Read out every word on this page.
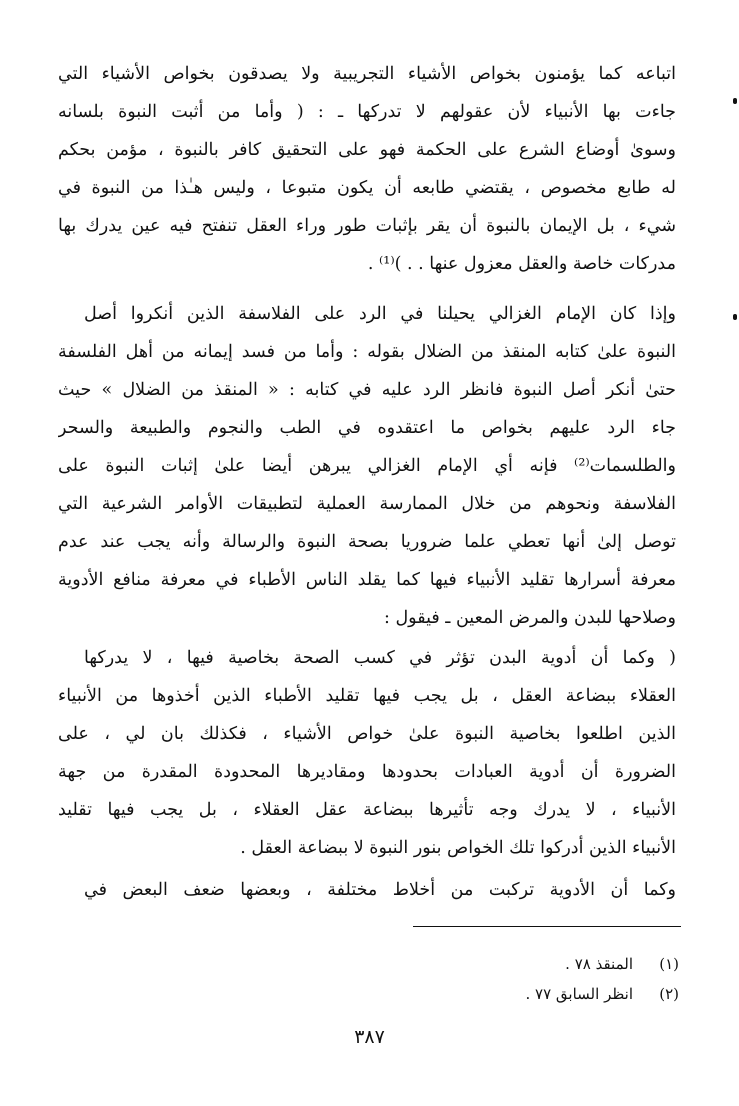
اتباعه كما يؤمنون بخواص الأشياء التجريبية ولا يصدقون بخواص الأشياء التي
جاءت بها الأنبياء لأن عقولهم لا تدركها ـ : ( وأما من أثبت النبوة بلسانه
وسوىٰ أوضاع الشرع على الحكمة فهو على التحقيق كافر بالنبوة ، مؤمن بحكم
له طابع مخصوص ، يقتضي طابعه أن يكون متبوعا ، وليس هـٰذا من النبوة في
شيء ، بل الإيمان بالنبوة أن يقر بإثبات طور وراء العقل تنفتح فيه عين يدرك بها
مدركات خاصة والعقل معزول عنها . . )⁽¹⁾ .
وإذا كان الإمام الغزالي يحيلنا في الرد على الفلاسفة الذين أنكروا أصل
النبوة علىٰ كتابه المنقذ من الضلال بقوله : وأما من فسد إيمانه من أهل الفلسفة
حتىٰ أنكر أصل النبوة فانظر الرد عليه في كتابه : « المنقذ من الضلال » حيث
جاء الرد عليهم بخواص ما اعتقدوه في الطب والنجوم والطبيعة والسحر
والطلسمات⁽²⁾ فإنه أي الإمام الغزالي يبرهن أيضا علىٰ إثبات النبوة على
الفلاسفة ونحوهم من خلال الممارسة العملية لتطبيقات الأوامر الشرعية التي
توصل إلىٰ أنها تعطي علما ضروريا بصحة النبوة والرسالة وأنه يجب عند عدم
معرفة أسرارها تقليد الأنبياء فيها كما يقلد الناس الأطباء في معرفة منافع الأدوية
وصلاحها للبدن والمرض المعين ـ فيقول :
( وكما أن أدوية البدن تؤثر في كسب الصحة بخاصية فيها ، لا يدركها
العقلاء ببضاعة العقل ، بل يجب فيها تقليد الأطباء الذين أخذوها من الأنبياء
الذين اطلعوا بخاصية النبوة علىٰ خواص الأشياء ، فكذلك بان لي ، على
الضرورة أن أدوية العبادات بحدودها ومقاديرها المحدودة المقدرة من جهة
الأنبياء ، لا يدرك وجه تأثيرها ببضاعة عقل العقلاء ، بل يجب فيها تقليد
الأنبياء الذين أدركوا تلك الخواص بنور النبوة لا ببضاعة العقل .
وكما أن الأدوية تركبت من أخلاط مختلفة ، وبعضها ضعف البعض في
(١)المنقذ ٧٨ .
(٢)انظر السابق ٧٧ .
٣٨٧
